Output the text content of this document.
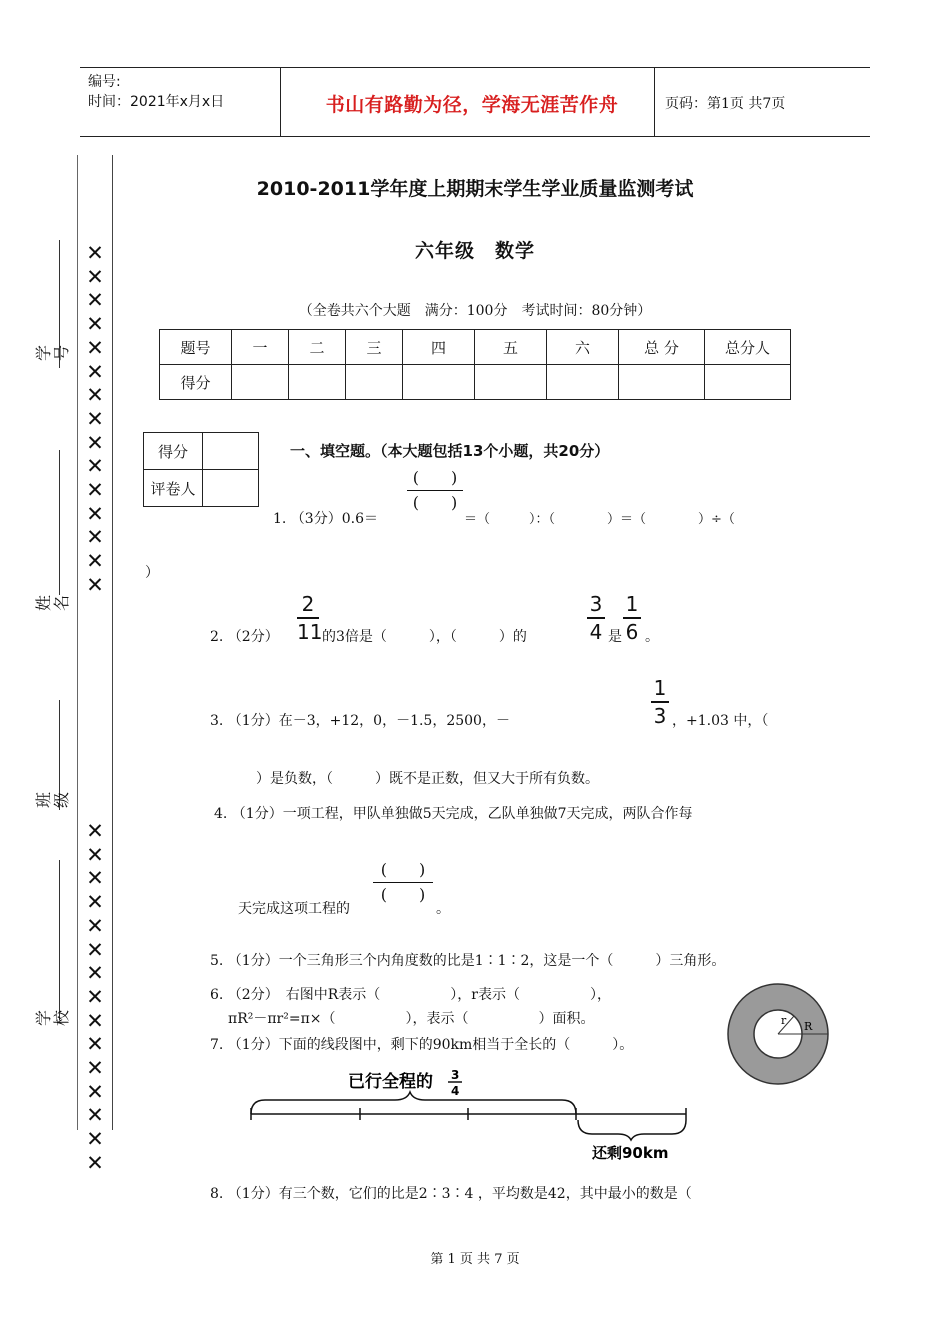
编号:
时间：2021年x月x日	书山有路勤为径，学海无涯苦作舟	页码：第1页 共7页
✕
✕
✕
✕
✕
✕
✕
✕
✕
✕
✕
✕
✕
✕
✕
✕
✕
✕
✕
✕
✕
✕
✕
✕
✕
✕
✕
✕
✕
✕
学号
姓名
班级
学校
2010-2011学年度上期期末学生学业质量监测考试
六年级　数学
（全卷共六个大题　满分：100分　考试时间：80分钟）
题号	一	二	三	四	五	六	总 分	总分人
得分								
得分	
评卷人	
一、填空题。（本大题包括13个小题，共20分）
(　　)
(　　)
1. （3分）0.6＝	＝（　　　）：（　　　　）＝（　　　　）÷（
）
2. （2分）
2
11 的3倍是（　　　），（　　　）的
3
4 是
1
6 。
3. （1分）在－3，+12，0，－1.5，2500，－
1
3 ，+1.03 中，（
）是负数，（　　　）既不是正数，但又大于所有负数。
4. （1分）一项工程，甲队单独做5天完成，乙队单独做7天完成，两队合作每
(　　)
(　　)
天完成这项工程的	。
5. （1分）一个三角形三个内角度数的比是1∶1∶2，这是一个（　　　）三角形。
6. （2分）　右图中R表示（　　　　　），r表示（　　　　　），
πR²－πr²=π×（　　　　　），表示（　　　　　）面积。	r R
7. （1分）下面的线段图中，剩下的90km相当于全长的（　　　）。
已行全程的 3
4
还剩90km
8. （1分）有三个数，它们的比是2∶3∶4 ，平均数是42，其中最小的数是（
第 1 页 共 7 页
